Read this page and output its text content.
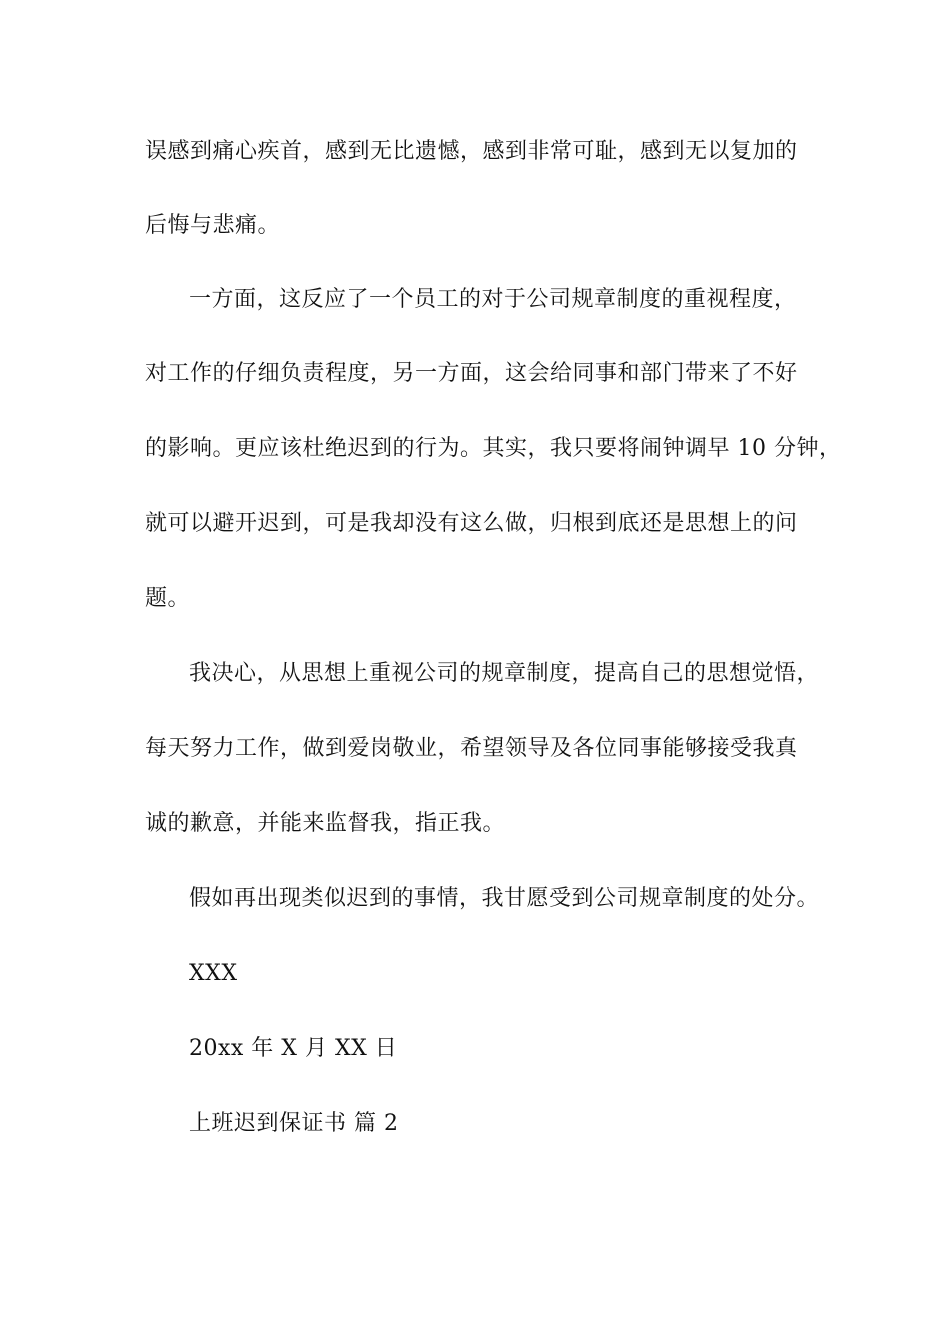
误感到痛心疾首，感到无比遗憾，感到非常可耻，感到无以复加的
后悔与悲痛。
一方面，这反应了一个员工的对于公司规章制度的重视程度，
对工作的仔细负责程度，另一方面，这会给同事和部门带来了不好
的影响。更应该杜绝迟到的行为。其实，我只要将闹钟调早 10 分钟，
就可以避开迟到，可是我却没有这么做，归根到底还是思想上的问
题。
我决心，从思想上重视公司的规章制度，提高自己的思想觉悟，
每天努力工作，做到爱岗敬业，希望领导及各位同事能够接受我真
诚的歉意，并能来监督我，指正我。
假如再出现类似迟到的事情，我甘愿受到公司规章制度的处分。
XXX
20xx 年 X 月 XX 日
上班迟到保证书 篇 2
